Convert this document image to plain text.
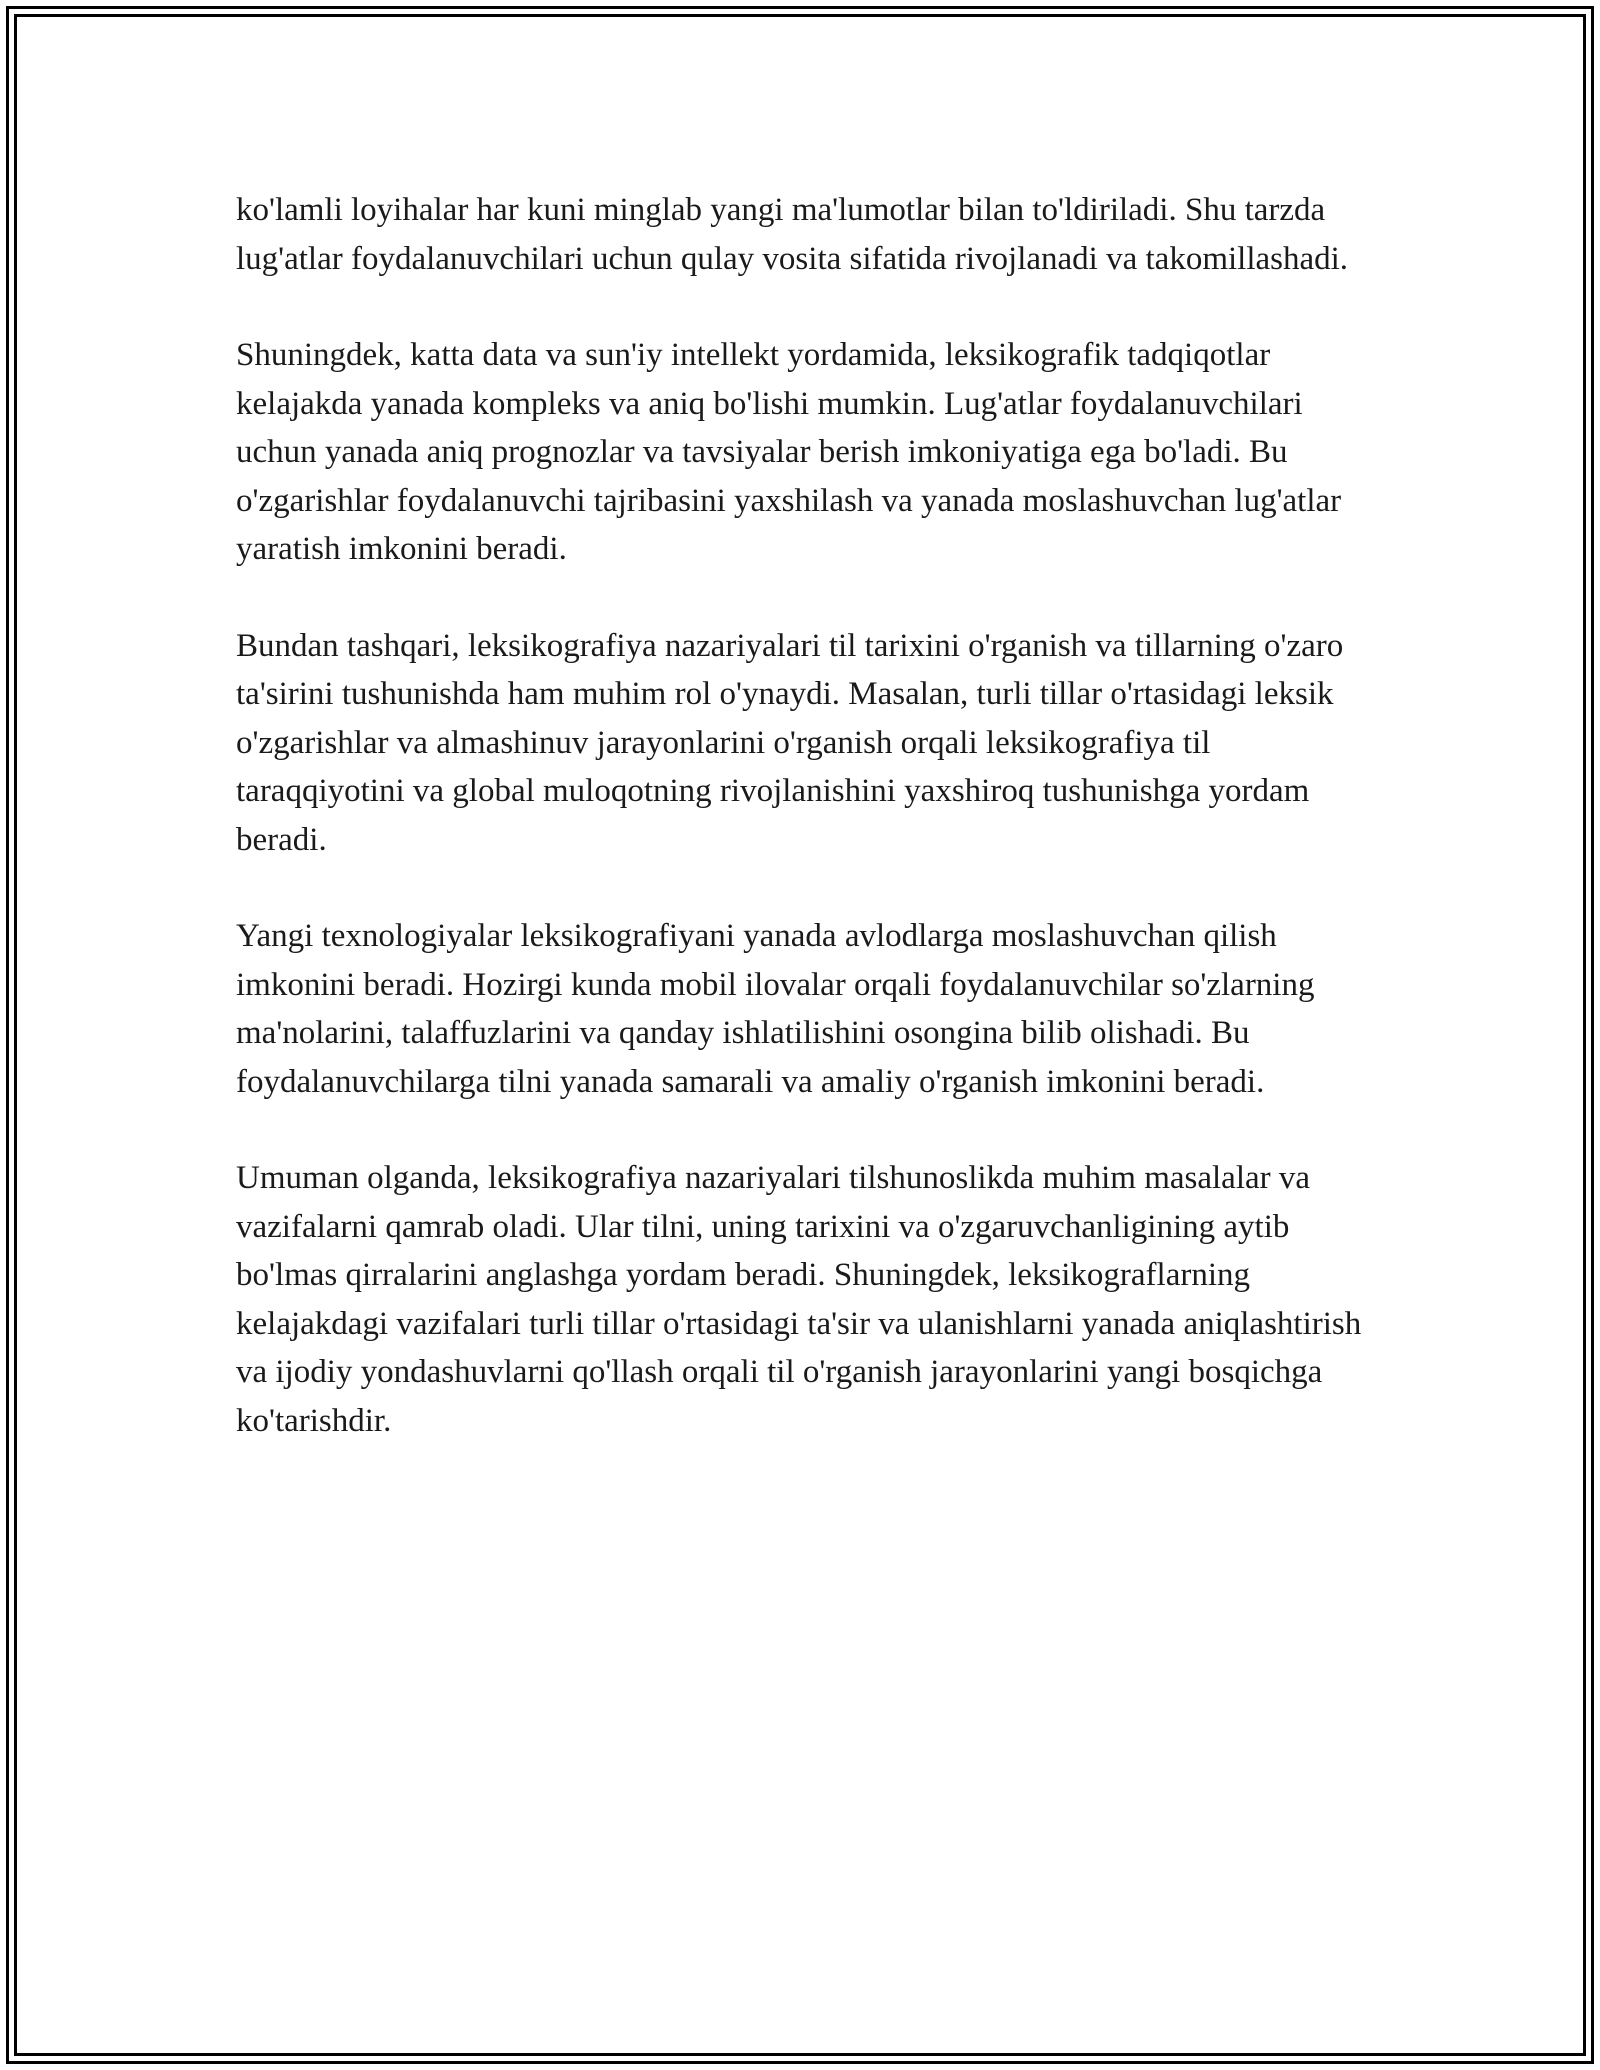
ko'lamli loyihalar har kuni minglab yangi ma'lumotlar bilan to'ldiriladi. Shu tarzda lug'atlar foydalanuvchilari uchun qulay vosita sifatida rivojlanadi va takomillashadi.

Shuningdek, katta data va sun'iy intellekt yordamida, leksikografik tadqiqotlar kelajakda yanada kompleks va aniq bo'lishi mumkin. Lug'atlar foydalanuvchilari uchun yanada aniq prognozlar va tavsiyalar berish imkoniyatiga ega bo'ladi. Bu o'zgarishlar foydalanuvchi tajribasini yaxshilash va yanada moslashuvchan lug'atlar yaratish imkonini beradi.

Bundan tashqari, leksikografiya nazariyalari til tarixini o'rganish va tillarning o'zaro ta'sirini tushunishda ham muhim rol o'ynaydi. Masalan, turli tillar o'rtasidagi leksik o'zgarishlar va almashinuv jarayonlarini o'rganish orqali leksikografiya til taraqqiyotini va global muloqotning rivojlanishini yaxshiroq tushunishga yordam beradi.

Yangi texnologiyalar leksikografiyani yanada avlodlarga moslashuvchan qilish imkonini beradi. Hozirgi kunda mobil ilovalar orqali foydalanuvchilar so'zlarning ma'nolarini, talaffuzlarini va qanday ishlatilishini osongina bilib olishadi. Bu foydalanuvchilarga tilni yanada samarali va amaliy o'rganish imkonini beradi.

Umuman olganda, leksikografiya nazariyalari tilshunoslikda muhim masalalar va vazifalarni qamrab oladi. Ular tilni, uning tarixini va o'zgaruvchanligining aytib bo'lmas qirralarini anglashga yordam beradi. Shuningdek, leksikograflarning kelajakdagi vazifalari turli tillar o'rtasidagi ta'sir va ulanishlarni yanada aniqlashtirish va ijodiy yondashuvlarni qo'llash orqali til o'rganish jarayonlarini yangi bosqichga ko'tarishdir.
